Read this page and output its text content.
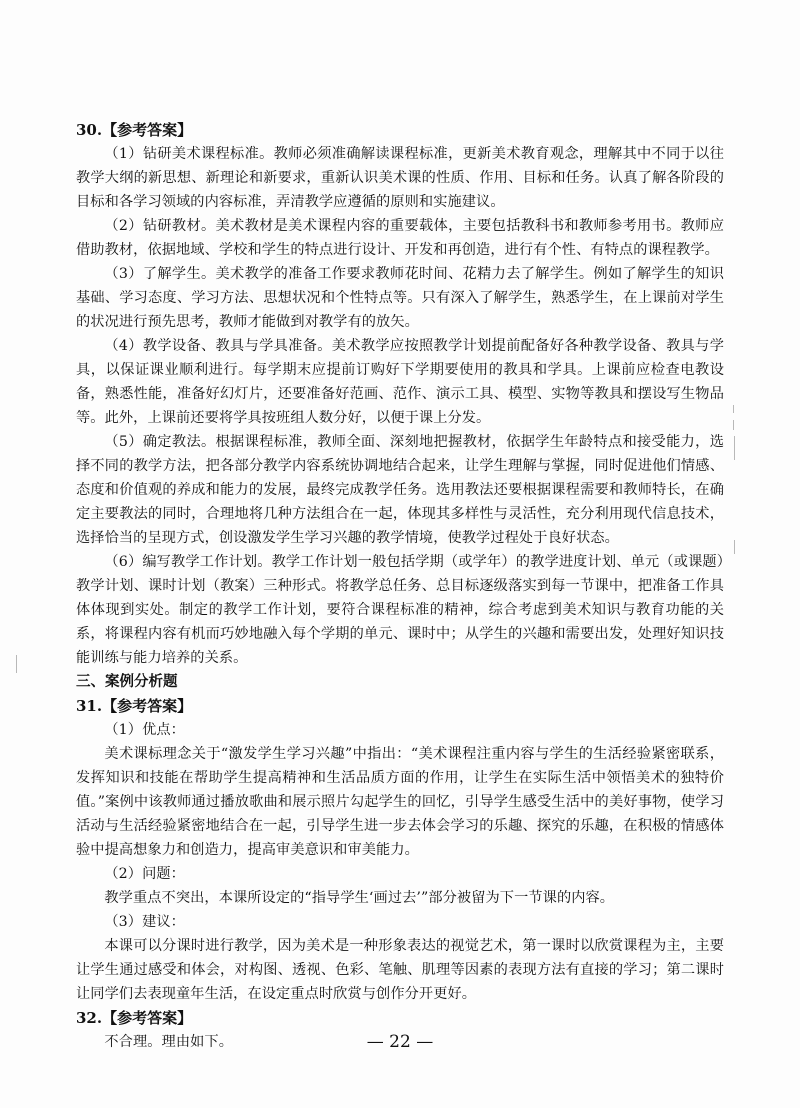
30.【参考答案】

（1）钻研美术课程标准。教师必须准确解读课程标准，更新美术教育观念，理解其中不同于以往教学大纲的新思想、新理论和新要求，重新认识美术课的性质、作用、目标和任务。认真了解各阶段的目标和各学习领域的内容标准，弄清教学应遵循的原则和实施建议。

（2）钻研教材。美术教材是美术课程内容的重要载体，主要包括教科书和教师参考用书。教师应借助教材，依据地域、学校和学生的特点进行设计、开发和再创造，进行有个性、有特点的课程教学。

（3）了解学生。美术教学的准备工作要求教师花时间、花精力去了解学生。例如了解学生的知识基础、学习态度、学习方法、思想状况和个性特点等。只有深入了解学生，熟悉学生，在上课前对学生的状况进行预先思考，教师才能做到对教学有的放矢。

（4）教学设备、教具与学具准备。美术教学应按照教学计划提前配备好各种教学设备、教具与学具，以保证课业顺利进行。每学期末应提前订购好下学期要使用的教具和学具。上课前应检查电教设备，熟悉性能，准备好幻灯片，还要准备好范画、范作、演示工具、模型、实物等教具和摆设写生物品等。此外，上课前还要将学具按班组人数分好，以便于课上分发。

（5）确定教法。根据课程标准，教师全面、深刻地把握教材，依据学生年龄特点和接受能力，选择不同的教学方法，把各部分教学内容系统协调地结合起来，让学生理解与掌握，同时促进他们情感、态度和价值观的养成和能力的发展，最终完成教学任务。选用教法还要根据课程需要和教师特长，在确定主要教法的同时，合理地将几种方法组合在一起，体现其多样性与灵活性，充分利用现代信息技术，选择恰当的呈现方式，创设激发学生学习兴趣的教学情境，使教学过程处于良好状态。

（6）编写教学工作计划。教学工作计划一般包括学期（或学年）的教学进度计划、单元（或课题）教学计划、课时计划（教案）三种形式。将教学总任务、总目标逐级落实到每一节课中，把准备工作具体体现到实处。制定的教学工作计划，要符合课程标准的精神，综合考虑到美术知识与教育功能的关系，将课程内容有机而巧妙地融入每个学期的单元、课时中；从学生的兴趣和需要出发，处理好知识技能训练与能力培养的关系。

三、案例分析题

31.【参考答案】

（1）优点：

美术课标理念关于“激发学生学习兴趣”中指出：“美术课程注重内容与学生的生活经验紧密联系，发挥知识和技能在帮助学生提高精神和生活品质方面的作用，让学生在实际生活中领悟美术的独特价值。”案例中该教师通过播放歌曲和展示照片勾起学生的回忆，引导学生感受生活中的美好事物，使学习活动与生活经验紧密地结合在一起，引导学生进一步去体会学习的乐趣、探究的乐趣，在积极的情感体验中提高想象力和创造力，提高审美意识和审美能力。

（2）问题：

教学重点不突出，本课所设定的“指导学生‘画过去’”部分被留为下一节课的内容。

（3）建议：

本课可以分课时进行教学，因为美术是一种形象表达的视觉艺术，第一课时以欣赏课程为主，主要让学生通过感受和体会，对构图、透视、色彩、笔触、肌理等因素的表现方法有直接的学习；第二课时让同学们去表现童年生活，在设定重点时欣赏与创作分开更好。

32.【参考答案】

不合理。理由如下。	— 22 —
